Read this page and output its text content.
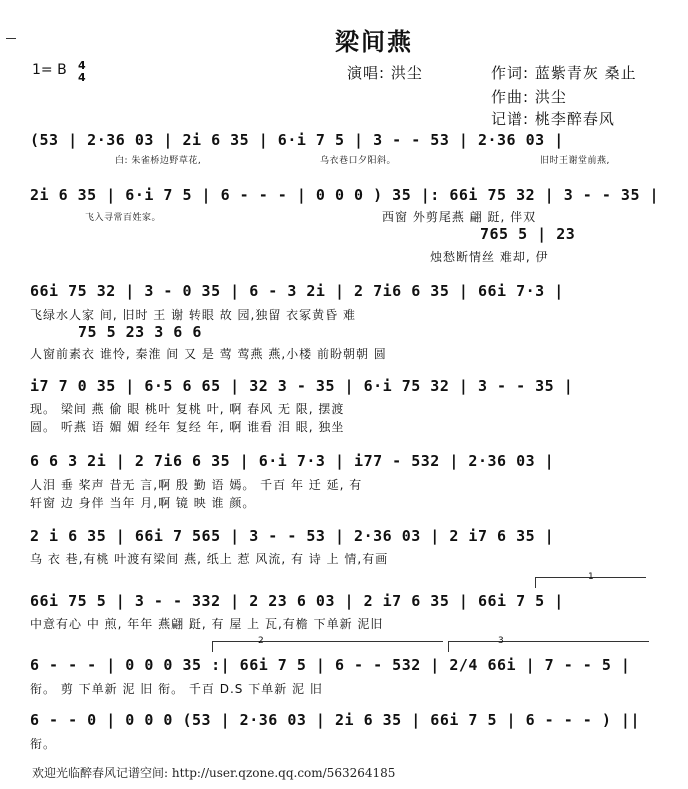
梁间燕
1= B 4
4	演唱: 洪尘	作词: 蓝紫青灰 桑止
作曲: 洪尘
记谱: 桃李醉春风
(53 | 2·36 03 | 2i 6 35 | 6·i 7 5 | 3 - - 53 | 2·36 03 |
白: 朱雀桥边野草花,	乌衣巷口夕阳斜。	旧时王谢堂前燕,
2i 6 35 | 6·i 7 5 | 6 - - - | 0 0 0 ) 35 |: 66i 75 32 | 3 - - 35 |
飞入寻常百姓家。	西窗 外剪尾燕 翩 跹, 伴双
765 5 | 23
烛愁断情丝 难却, 伊
66i 75 32 | 3 - 0 35 | 6 - 3 2i | 2 7i6 6 35 | 66i 7·3 |
飞绿水人家 间, 旧时 王 谢 转眼 故 园,独留 衣冢黄昏 难
75 5 23 3 6 6
人窗前素衣 谁怜, 秦淮 间 又 是 莺 莺燕 燕,小楼 前盼朝朝 圆
i7 7 0 35 | 6·5 6 65 | 32 3 - 35 | 6·i 75 32 | 3 - - 35 |
现。 梁间 燕 偷 眼 桃叶 复桃 叶, 啊 春风 无 限, 摆渡
圆。 听燕 语 媚 媚 经年 复经 年, 啊 谁看 泪 眼, 独坐
6 6 3 2i | 2 7i6 6 35 | 6·i 7·3 | i77 - 532 | 2·36 03 |
人泪 垂 桨声 昔无 言,啊 殷 勤 语 嫣。 千百 年 迁 延, 有
轩窗 边 身伴 当年 月,啊 镜 映 谁 颜。
2 i 6 35 | 66i 7 565 | 3 - - 53 | 2·36 03 | 2 i7 6 35 |
乌 衣 巷,有桃 叶渡有梁间 燕, 纸上 惹 风流, 有 诗 上 情,有画
1
66i 75 5 | 3 - - 332 | 2 23 6 03 | 2 i7 6 35 | 66i 7 5 |
中意有心 中 煎, 年年 燕翩 跹, 有 屋 上 瓦,有檐 下单新 泥旧
2	3
6 - - - | 0 0 0 35 :| 66i 7 5 | 6 - - 532 | 2/4 66i | 7 - - 5 |
衔。 剪 下单新 泥 旧 衔。 千百 D.S 下单新 泥 旧
6 - - 0 | 0 0 0 (53 | 2·36 03 | 2i 6 35 | 66i 7 5 | 6 - - - ) ||
衔。
欢迎光临醉春风记谱空间: http://user.qzone.qq.com/563264185
